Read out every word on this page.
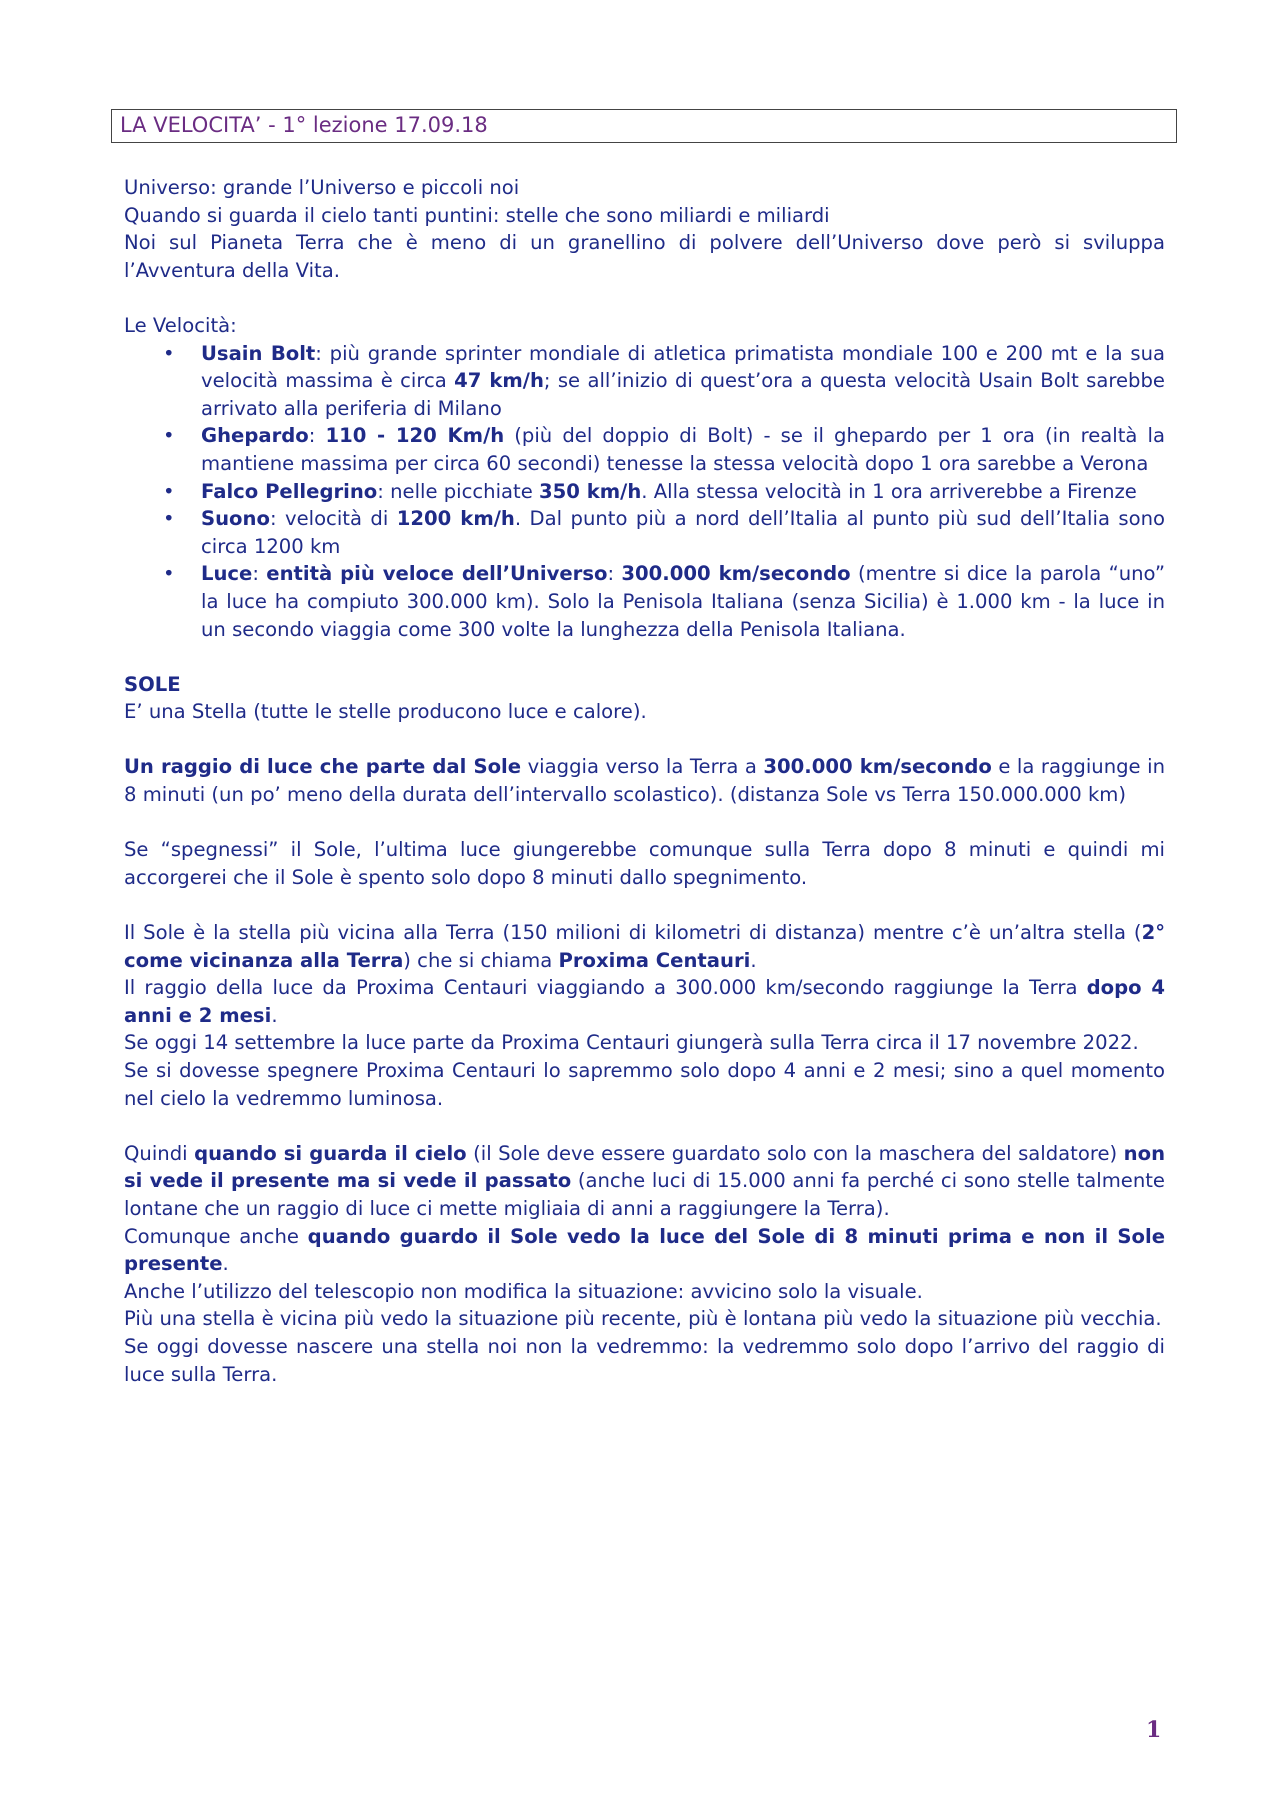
LA VELOCITA’ - 1° lezione 17.09.18

Universo: grande l’Universo e piccoli noi

Quando si guarda il cielo tanti puntini: stelle che sono miliardi e miliardi

Noi sul Pianeta Terra che è meno di un granellino di polvere dell’Universo dove però si sviluppa l’Avventura della Vita.

Le Velocità:

• Usain Bolt: più grande sprinter mondiale di atletica primatista mondiale 100 e 200 mt e la sua velocità massima è circa 47 km/h; se all’inizio di quest’ora a questa velocità Usain Bolt sarebbe arrivato alla periferia di Milano
• Ghepardo: 110 - 120 Km/h (più del doppio di Bolt) - se il ghepardo per 1 ora (in realtà la mantiene massima per circa 60 secondi) tenesse la stessa velocità dopo 1 ora sarebbe a Verona
• Falco Pellegrino: nelle picchiate 350 km/h. Alla stessa velocità in 1 ora arriverebbe a Firenze
• Suono: velocità di 1200 km/h. Dal punto più a nord dell’Italia al punto più sud dell’Italia sono circa 1200 km
• Luce: entità più veloce dell’Universo: 300.000 km/secondo (mentre si dice la parola “uno” la luce ha compiuto 300.000 km). Solo la Penisola Italiana (senza Sicilia) è 1.000 km - la luce in un secondo viaggia come 300 volte la lunghezza della Penisola Italiana.

SOLE

E’ una Stella (tutte le stelle producono luce e calore).

Un raggio di luce che parte dal Sole viaggia verso la Terra a 300.000 km/secondo e la raggiunge in 8 minuti (un po’ meno della durata dell’intervallo scolastico). (distanza Sole vs Terra 150.000.000 km)

Se “spegnessi” il Sole, l’ultima luce giungerebbe comunque sulla Terra dopo 8 minuti e quindi mi accorgerei che il Sole è spento solo dopo 8 minuti dallo spegnimento.

Il Sole è la stella più vicina alla Terra (150 milioni di kilometri di distanza) mentre c’è un’altra stella (2° come vicinanza alla Terra) che si chiama Proxima Centauri.

Il raggio della luce da Proxima Centauri viaggiando a 300.000 km/secondo raggiunge la Terra dopo 4 anni e 2 mesi.

Se oggi 14 settembre la luce parte da Proxima Centauri giungerà sulla Terra circa il 17 novembre 2022.

Se si dovesse spegnere Proxima Centauri lo sapremmo solo dopo 4 anni e 2 mesi; sino a quel momento nel cielo la vedremmo luminosa.

Quindi quando si guarda il cielo (il Sole deve essere guardato solo con la maschera del saldatore) non si vede il presente ma si vede il passato (anche luci di 15.000 anni fa perché ci sono stelle talmente lontane che un raggio di luce ci mette migliaia di anni a raggiungere la Terra).

Comunque anche quando guardo il Sole vedo la luce del Sole di 8 minuti prima e non il Sole presente.

Anche l’utilizzo del telescopio non modifica la situazione: avvicino solo la visuale.

Più una stella è vicina più vedo la situazione più recente, più è lontana più vedo la situazione più vecchia.

Se oggi dovesse nascere una stella noi non la vedremmo: la vedremmo solo dopo l’arrivo del raggio di luce sulla Terra.

1
